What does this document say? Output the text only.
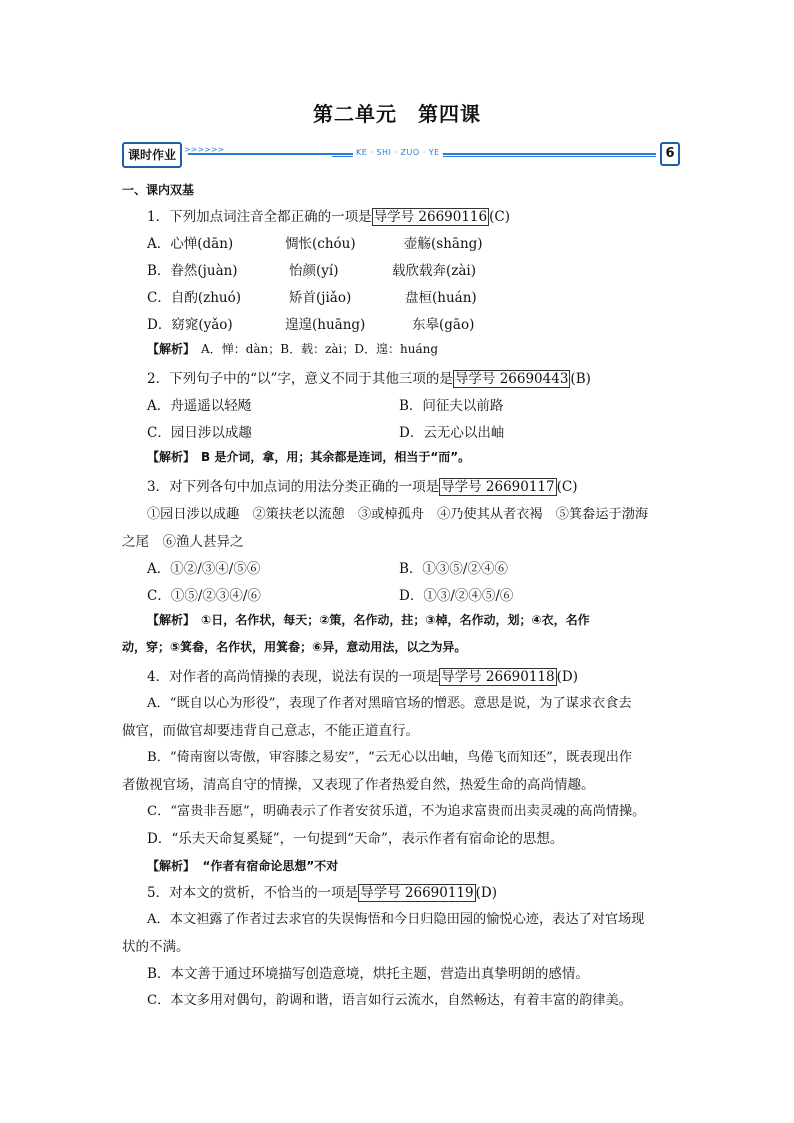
第二单元　第四课
课时作业 >>>>>>	KE · SHI · ZUO · YE	6
一、课内双基
1．下列加点词注音全都正确的一项是 导学号 26690116 (C)
A．心惮(dān)	惆怅(chóu)	壶觞(shāng)
B．眷然(juàn)	怡颜(yí)	载欣载奔(zài)
C．自酌(zhuó)	矫首(jiǎo)	盘桓(huán)
D．窈窕(yǎo)	遑遑(huāng)	东皋(gāo)
【解析】　 A．惮：dàn；B．载：zài；D．遑：huáng
2．下列句子中的“以”字，意义不同于其他三项的是 导学号 26690443 (B)
A．舟遥遥以轻飏	B．问征夫以前路
C．园日涉以成趣	D．云无心以出岫
【解析】　 B 是介词，拿，用；其余都是连词，相当于“而”。
3．对下列各句中加点词的用法分类正确的一项是 导学号 26690117 (C)
①园日涉以成趣　②策扶老以流憩　③或棹孤舟　④乃使其从者衣褐　⑤箕畚运于渤海
之尾　⑥渔人甚异之
A．①②/③④/⑤⑥	B．①③⑤/②④⑥
C．①⑤/②③④/⑥	D．①③/②④⑤/⑥
【解析】　 ①日，名作状，每天；②策，名作动，拄；③棹，名作动，划；④衣，名作
动，穿；⑤箕畚，名作状，用箕畚；⑥异，意动用法，以之为异。
4．对作者的高尚情操的表现，说法有误的一项是 导学号 26690118 (D)
A．“既自以心为形役”，表现了作者对黑暗官场的憎恶。意思是说，为了谋求衣食去
做官，而做官却要违背自己意志，不能正道直行。
B．“倚南窗以寄傲，审容膝之易安”，“云无心以出岫，鸟倦飞而知还”，既表现出作
者傲视官场，清高自守的情操，又表现了作者热爱自然，热爱生命的高尚情趣。
C．“富贵非吾愿”，明确表示了作者安贫乐道，不为追求富贵而出卖灵魂的高尚情操。
D．“乐夫天命复奚疑”，一句提到“天命”，表示作者有宿命论的思想。
【解析】　 “作者有宿命论思想”不对
5．对本文的赏析，不恰当的一项是 导学号 26690119 (D)
A．本文袒露了作者过去求官的失误悔悟和今日归隐田园的愉悦心迹，表达了对官场现
状的不满。
B．本文善于通过环境描写创造意境，烘托主题，营造出真挚明朗的感情。
C．本文多用对偶句，韵调和谐，语言如行云流水，自然畅达，有着丰富的韵律美。
